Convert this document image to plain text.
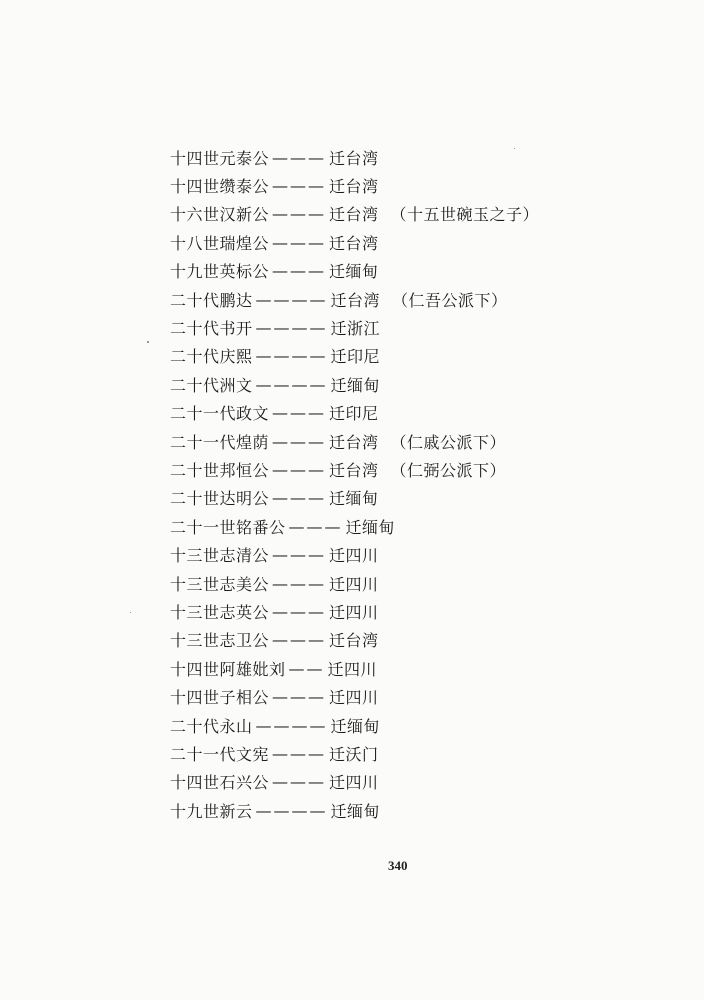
十四世元泰公 ——— 迁台湾
十四世缵泰公 ——— 迁台湾
十六世汉新公 ——— 迁台湾 （十五世碗玉之子）
十八世瑞煌公 ——— 迁台湾
十九世英标公 ——— 迁缅甸
二十代鹏达 ———— 迁台湾 （仁吾公派下）
二十代书开 ———— 迁浙江
二十代庆熙 ———— 迁印尼
二十代洲文 ———— 迁缅甸
二十一代政文 ——— 迁印尼
二十一代煌荫 ——— 迁台湾 （仁戚公派下）
二十世邦恒公 ——— 迁台湾 （仁弼公派下）
二十世达明公 ——— 迁缅甸
二十一世铭番公 ——— 迁缅甸
十三世志清公 ——— 迁四川
十三世志美公 ——— 迁四川
十三世志英公 ——— 迁四川
十三世志卫公 ——— 迁台湾
十四世阿雄妣刘 —— 迁四川
十四世子相公 ——— 迁四川
二十代永山 ———— 迁缅甸
二十一代文宪 ——— 迁沃门
十四世石兴公 ——— 迁四川
十九世新云 ———— 迁缅甸
340
